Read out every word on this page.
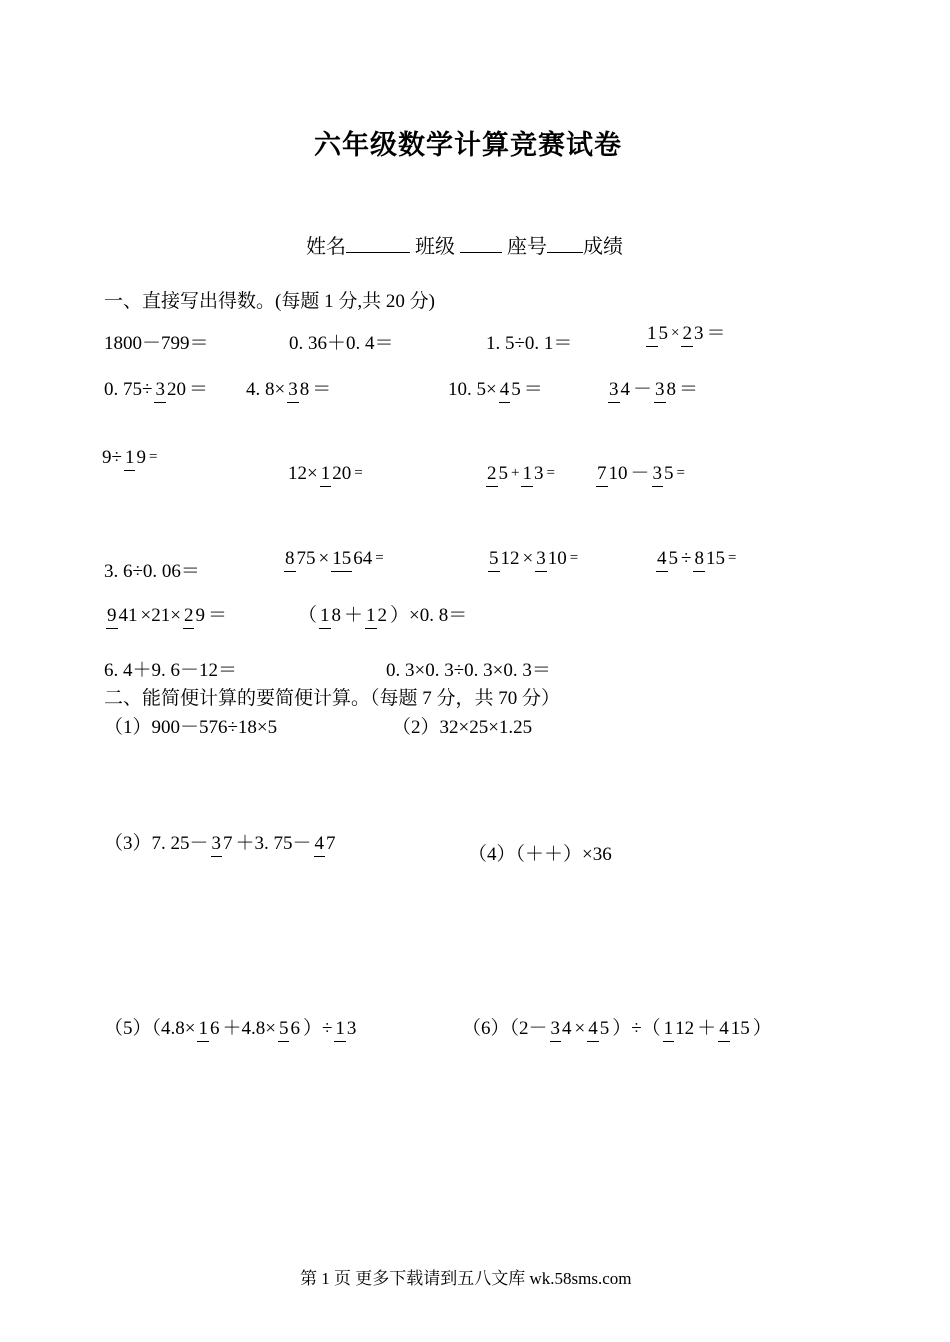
六年级数学计算竞赛试卷
姓名	班级	座号 成绩
一、直接写出得数。(每题 1 分,共 20 分)
1800－799＝	0. 36＋0. 4＝	1. 5÷0. 1＝	1 5 × 2 3 ＝
0. 75÷ 3 20 ＝ 4. 8× 3 8 ＝	10. 5× 4 5 ＝	3 4 － 3 8 ＝
9÷ 1 9 =
12× 1 20 =	2 5 + 1 3 = 7 10 － 3 5 =
3. 6÷0. 06＝
8 75 × 15 64 =	5 12 × 3 10 =	4 5 ÷ 8 15 =
9 41 ×21× 2 9 ＝	（ 1 8 ＋ 1 2 ）×0. 8＝
6. 4＋9. 6－12＝	0. 3×0. 3÷0. 3×0. 3＝
二、能简便计算的要简便计算。（每题 7 分，共 70 分）
（1）900－576÷18×5	（2）32×25×1.25
（3）7. 25－ 3 7 ＋3. 75－ 4 7
（4）（＋＋）×36
（5）（4.8× 1 6 ＋4.8× 5 6 ）÷ 1 3	（6）（2－ 3 4 × 4 5 ）÷（ 1 12 ＋ 4 15 ）
第 1 页 更多下载请到五八文库 wk.58sms.com
